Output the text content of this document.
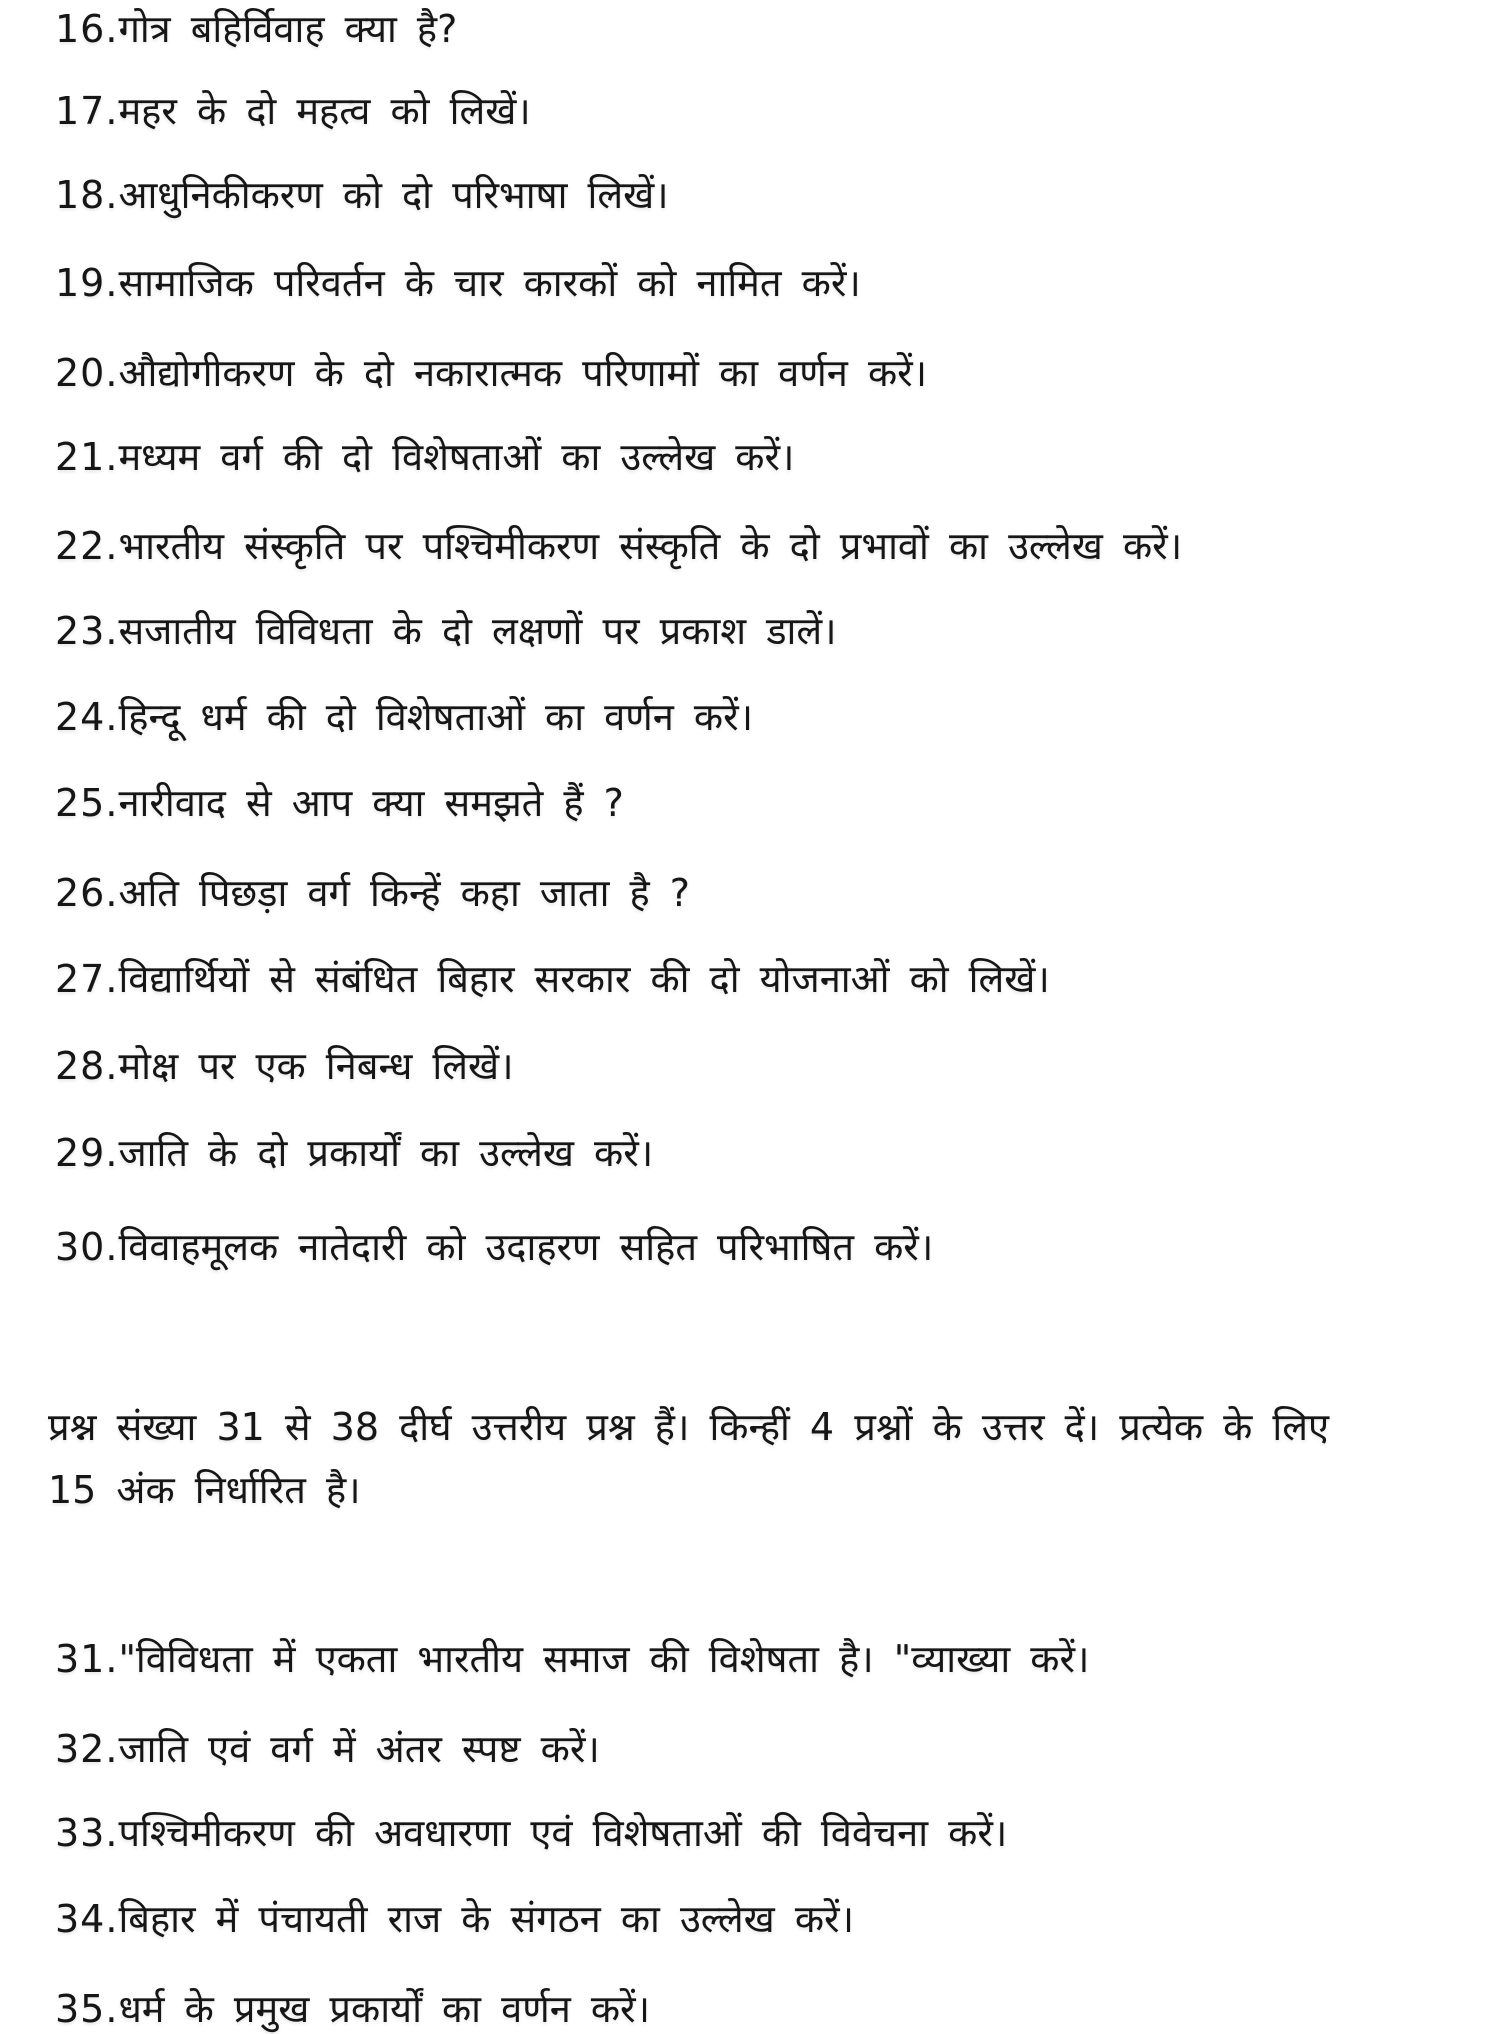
16. गोत्र बहिर्विवाह क्या है?
17. महर के दो महत्व को लिखें।
18. आधुनिकीकरण को दो परिभाषा लिखें।
19. सामाजिक परिवर्तन के चार कारकों को नामित करें।
20. औद्योगीकरण के दो नकारात्मक परिणामों का वर्णन करें।
21. मध्यम वर्ग की दो विशेषताओं का उल्लेख करें।
22. भारतीय संस्कृति पर पश्चिमीकरण संस्कृति के दो प्रभावों का उल्लेख करें।
23. सजातीय विविधता के दो लक्षणों पर प्रकाश डालें।
24. हिन्दू धर्म की दो विशेषताओं का वर्णन करें।
25. नारीवाद से आप क्या समझते हैं ?
26. अति पिछड़ा वर्ग किन्हें कहा जाता है ?
27. विद्यार्थियों से संबंधित बिहार सरकार की दो योजनाओं को लिखें।
28. मोक्ष पर एक निबन्ध लिखें।
29. जाति के दो प्रकार्यों का उल्लेख करें।
30. विवाहमूलक नातेदारी को उदाहरण सहित परिभाषित करें।
प्रश्न संख्या 31 से 38 दीर्घ उत्तरीय प्रश्न हैं। किन्हीं 4 प्रश्नों के उत्तर दें। प्रत्येक के लिए
15 अंक निर्धारित है।
31. "विविधता में एकता भारतीय समाज की विशेषता है। "व्याख्या करें।
32. जाति एवं वर्ग में अंतर स्पष्ट करें।
33. पश्चिमीकरण की अवधारणा एवं विशेषताओं की विवेचना करें।
34. बिहार में पंचायती राज के संगठन का उल्लेख करें।
35. धर्म के प्रमुख प्रकार्यों का वर्णन करें।
